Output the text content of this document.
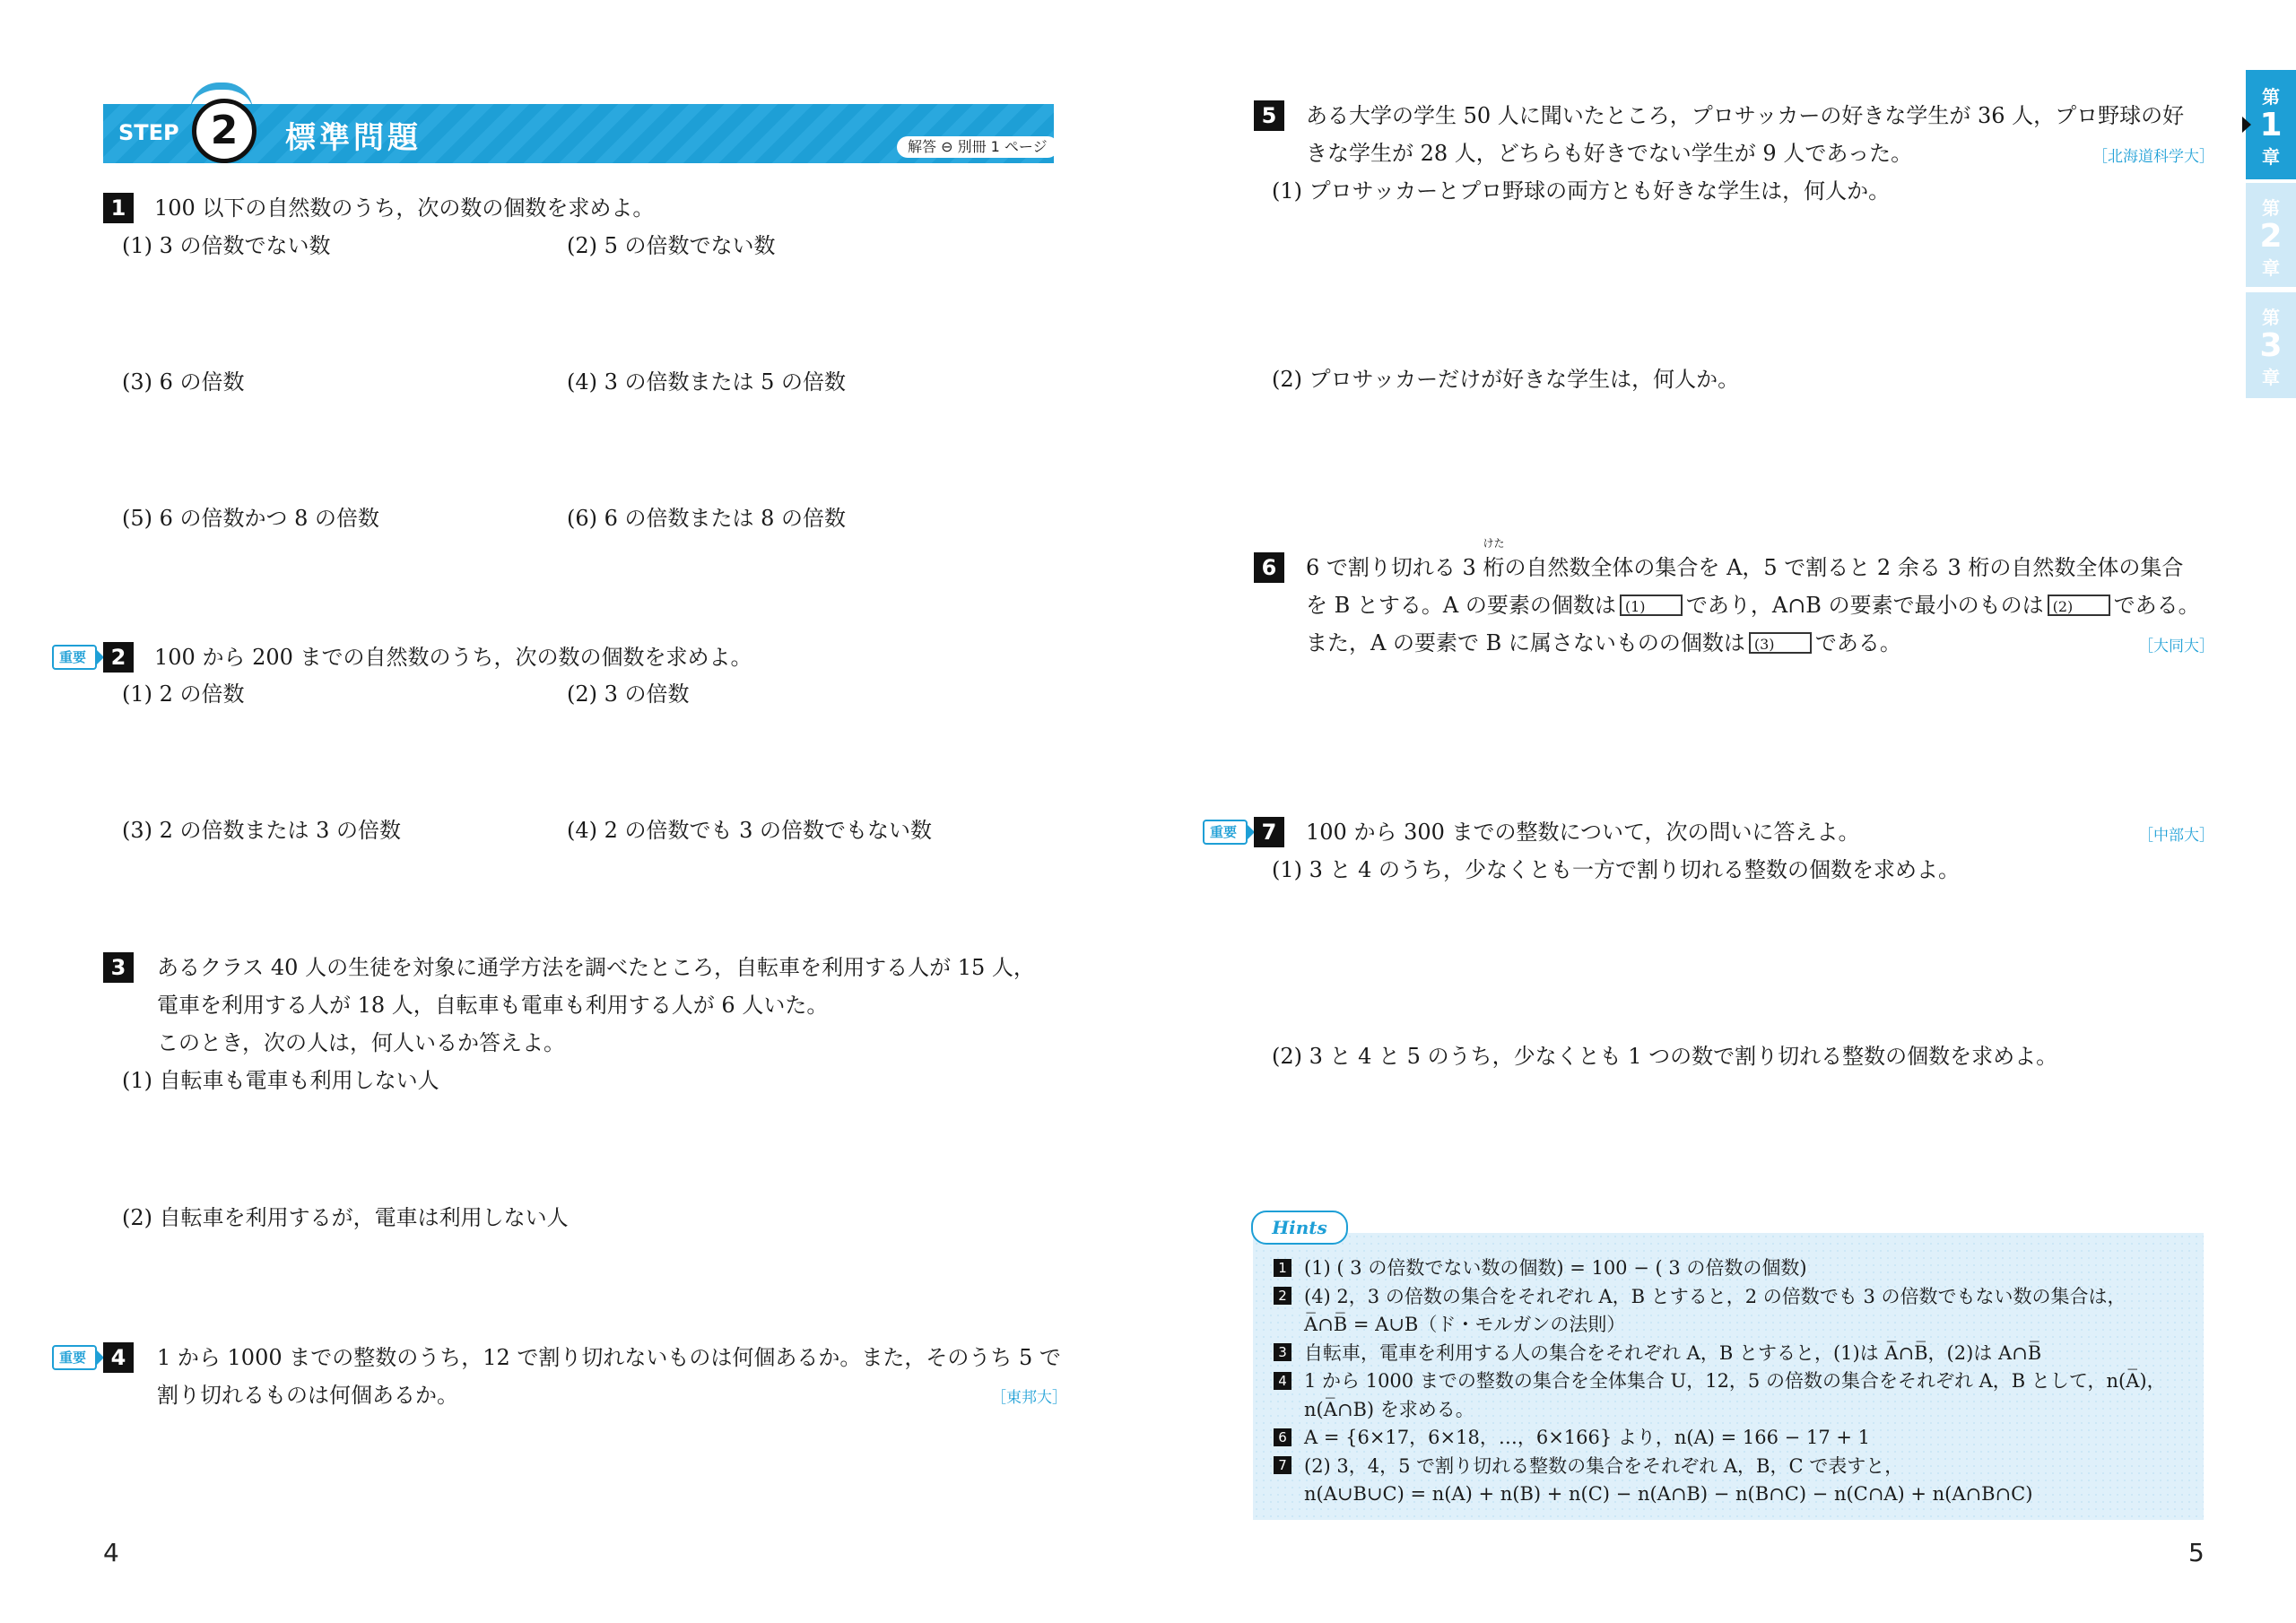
STEP 2	標準問題	解答 ⊖ 別冊 1 ページ
1	100 以下の自然数のうち，次の数の個数を求めよ。
(1) 3 の倍数でない数	(2) 5 の倍数でない数
(3) 6 の倍数	(4) 3 の倍数または 5 の倍数
(5) 6 の倍数かつ 8 の倍数	(6) 6 の倍数または 8 の倍数
重要	2	100 から 200 までの自然数のうち，次の数の個数を求めよ。
(1) 2 の倍数	(2) 3 の倍数
(3) 2 の倍数または 3 の倍数	(4) 2 の倍数でも 3 の倍数でもない数
3	あるクラス 40 人の生徒を対象に通学方法を調べたところ，自転車を利用する人が 15 人，
電車を利用する人が 18 人，自転車も電車も利用する人が 6 人いた。
このとき，次の人は，何人いるか答えよ。
(1) 自転車も電車も利用しない人
(2) 自転車を利用するが，電車は利用しない人
重要	4	1 から 1000 までの整数のうち，12 で割り切れないものは何個あるか。また，そのうち 5 で
割り切れるものは何個あるか。	［東邦大］
4
5	ある大学の学生 50 人に聞いたところ，プロサッカーの好きな学生が 36 人，プロ野球の好
きな学生が 28 人，どちらも好きでない学生が 9 人であった。	［北海道科学大］
(1) プロサッカーとプロ野球の両方とも好きな学生は，何人か。
(2) プロサッカーだけが好きな学生は，何人か。
6	6 で割り切れる 3
けた
桁の自然数全体の集合を A，5 で割ると 2 余る 3 桁の自然数全体の集合
を B とする。A の要素の個数は (1) であり，A∩B の要素で最小のものは (2) である。
また，A の要素で B に属さないものの個数は (3) である。	［大同大］
重要	7	100 から 300 までの整数について，次の問いに答えよ。	［中部大］
(1) 3 と 4 のうち，少なくとも一方で割り切れる整数の個数を求めよ。
(2) 3 と 4 と 5 のうち，少なくとも 1 つの数で割り切れる整数の個数を求めよ。
Hints
1 (1) ( 3 の倍数でない数の個数) = 100 − ( 3 の倍数の個数)
2 (4) 2，3 の倍数の集合をそれぞれ A，B とすると，2 の倍数でも 3 の倍数でもない数の集合は，
A̅∩B̅ = A∪B（ド・モルガンの法則）
3 自転車，電車を利用する人の集合をそれぞれ A，B とすると，(1)は A̅∩B̅，(2)は A∩B̅
4 1 から 1000 までの整数の集合を全体集合 U，12，5 の倍数の集合をそれぞれ A，B として，n(A̅)，
n(A̅∩B) を求める。
6 A = {6×17，6×18，…，6×166} より，n(A) = 166 − 17 + 1
7 (2) 3，4，5 で割り切れる整数の集合をそれぞれ A，B，C で表すと，
n(A∪B∪C) = n(A) + n(B) + n(C) − n(A∩B) − n(B∩C) − n(C∩A) + n(A∩B∩C)
5
第
1
章
第
2
章
第
3
章
